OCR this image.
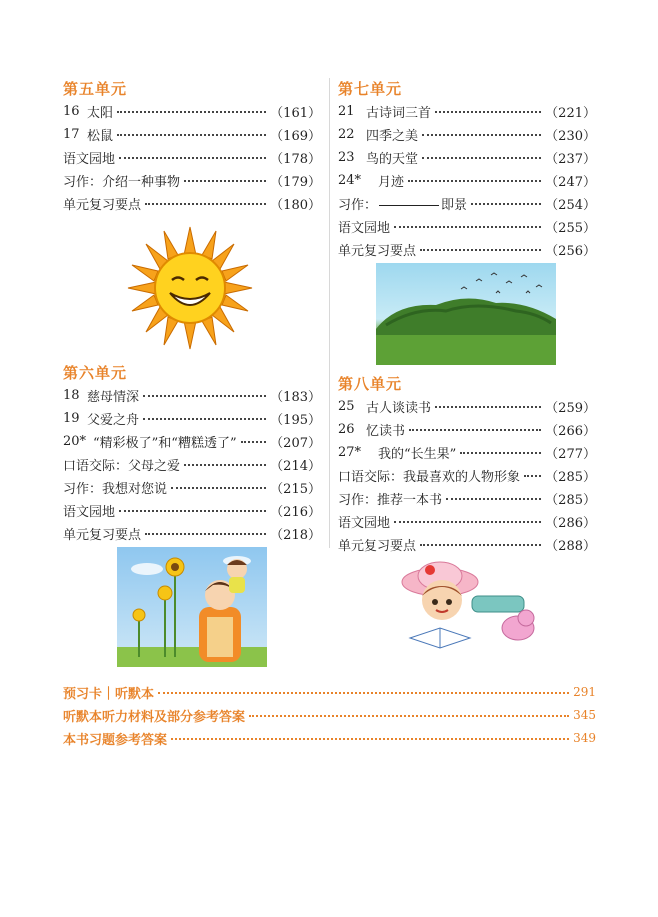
第五单元
16 太阳	（161）
17 松鼠	（169）
语文园地	（178）
习作：介绍一种事物	（179）
单元复习要点	（180）
第六单元
18 慈母情深	（183）
19 父爱之舟	（195）
20* “精彩极了”和“糟糕透了”	（207）
口语交际：父母之爱	（214）
习作：我想对您说	（215）
语文园地	（216）
单元复习要点	（218）
第七单元
21 古诗词三首	（221）
22 四季之美	（230）
23 鸟的天堂	（237）
24*	月迹	（247）
习作：	即景	（254）
语文园地	（255）
单元复习要点	（256）
第八单元
25 古人谈读书	（259）
26 忆读书	（266）
27*	我的“长生果”	（277）
口语交际：我最喜欢的人物形象 （285）
习作：推荐一本书	（285）
语文园地	（286）
单元复习要点	（288）
预习卡｜听默本	291
听默本听力材料及部分参考答案	345
本书习题参考答案	349
